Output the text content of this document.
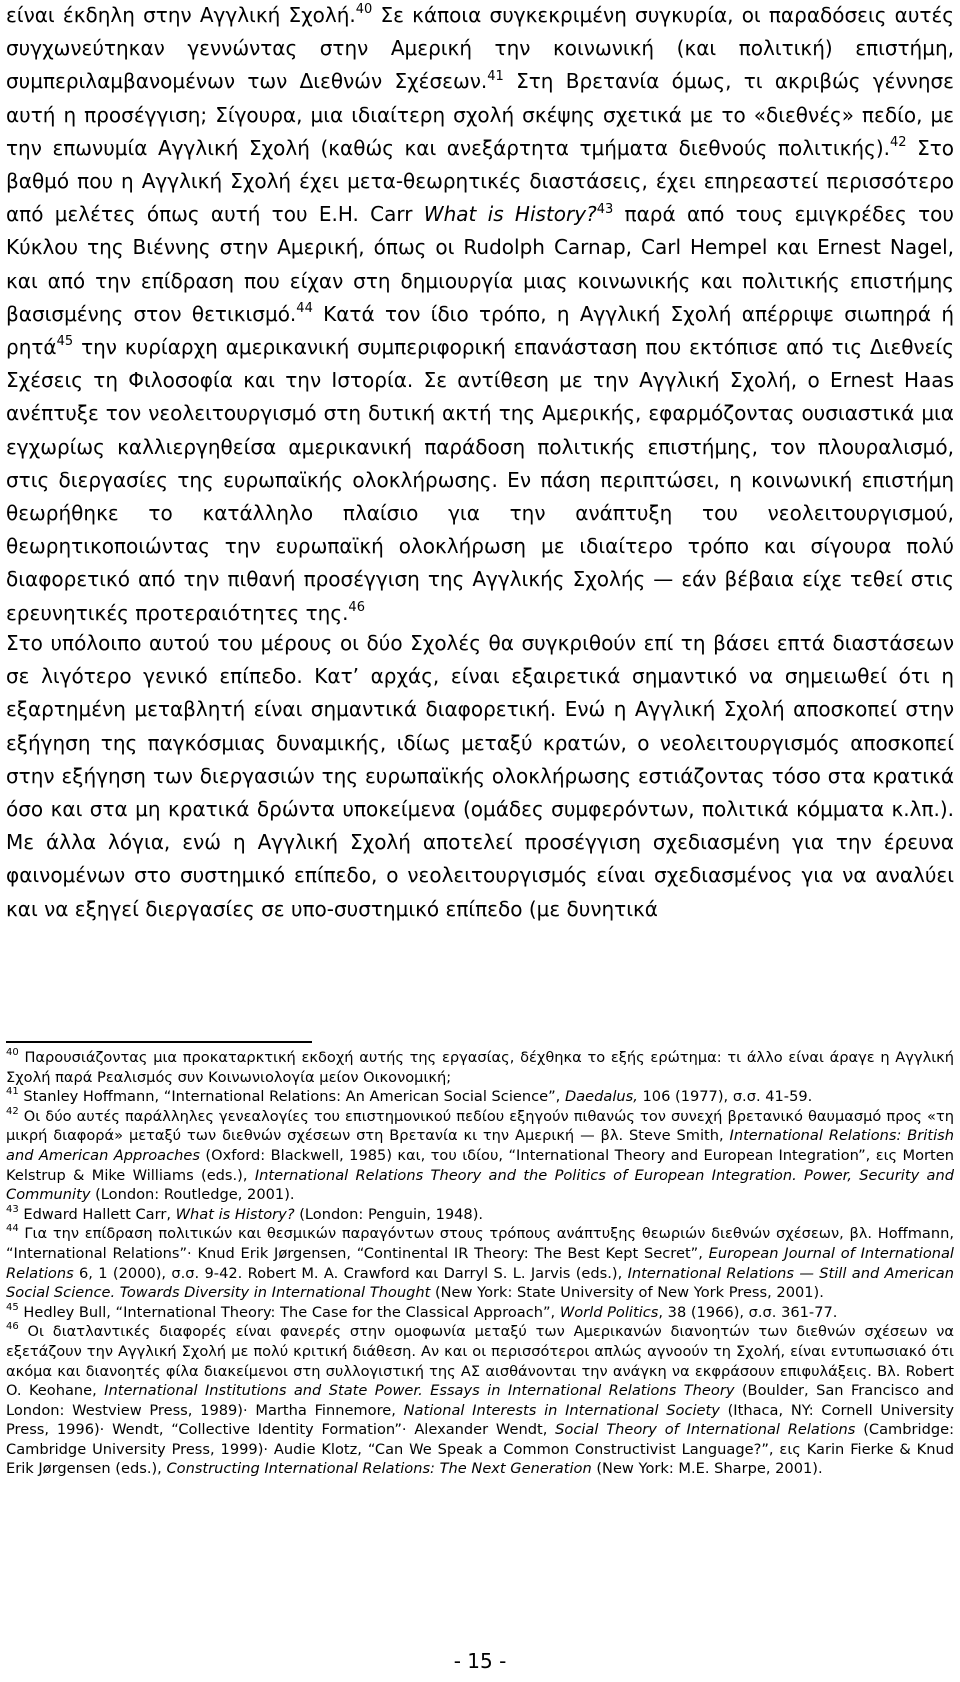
είναι έκδηλη στην Αγγλική Σχολή.$^{40}$ Σε κάποια συγκεκριμένη συγκυρία, οι παραδόσεις αυτές συγχωνεύτηκαν γεννώντας στην Αμερική την κοινωνική (και πολιτική) επιστήμη, συμπεριλαμβανομένων των Διεθνών Σχέσεων.$^{41}$ Στη Βρετανία όμως, τι ακριβώς γέννησε αυτή η προσέγγιση; Σίγουρα, μια ιδιαίτερη σχολή σκέψης σχετικά με το «διεθνές» πεδίο, με την επωνυμία Αγγλική Σχολή (καθώς και ανεξάρτητα τμήματα διεθνούς πολιτικής).$^{42}$ Στο βαθμό που η Αγγλική Σχολή έχει μετα-θεωρητικές διαστάσεις, έχει επηρεαστεί περισσότερο από μελέτες όπως αυτή του E.H. Carr What is History?$^{43}$ παρά από τους εμιγκρέδες του Κύκλου της Βιέννης στην Αμερική, όπως οι Rudolph Carnap, Carl Hempel και Ernest Nagel, και από την επίδραση που είχαν στη δημιουργία μιας κοινωνικής και πολιτικής επιστήμης βασισμένης στον θετικισμό.$^{44}$ Κατά τον ίδιο τρόπο, η Αγγλική Σχολή απέρριψε σιωπηρά ή ρητά$^{45}$ την κυρίαρχη αμερικανική συμπεριφορική επανάσταση που εκτόπισε από τις Διεθνείς Σχέσεις τη Φιλοσοφία και την Ιστορία. Σε αντίθεση με την Αγγλική Σχολή, ο Ernest Haas ανέπτυξε τον νεολειτουργισμό στη δυτική ακτή της Αμερικής, εφαρμόζοντας ουσιαστικά μια εγχωρίως καλλιεργηθείσα αμερικανική παράδοση πολιτικής επιστήμης, τον πλουραλισμό, στις διεργασίες της ευρωπαϊκής ολοκλήρωσης. Εν πάση περιπτώσει, η κοινωνική επιστήμη θεωρήθηκε το κατάλληλο πλαίσιο για την ανάπτυξη του νεολειτουργισμού, θεωρητικοποιώντας την ευρωπαϊκή ολοκλήρωση με ιδιαίτερο τρόπο και σίγουρα πολύ διαφορετικό από την πιθανή προσέγγιση της Αγγλικής Σχολής — εάν βέβαια είχε τεθεί στις ερευνητικές προτεραιότητες της.$^{46}$

Στο υπόλοιπο αυτού του μέρους οι δύο Σχολές θα συγκριθούν επί τη βάσει επτά διαστάσεων σε λιγότερο γενικό επίπεδο. Κατ’ αρχάς, είναι εξαιρετικά σημαντικό να σημειωθεί ότι η εξαρτημένη μεταβλητή είναι σημαντικά διαφορετική. Ενώ η Αγγλική Σχολή αποσκοπεί στην εξήγηση της παγκόσμιας δυναμικής, ιδίως μεταξύ κρατών, ο νεολειτουργισμός αποσκοπεί στην εξήγηση των διεργασιών της ευρωπαϊκής ολοκλήρωσης εστιάζοντας τόσο στα κρατικά όσο και στα μη κρατικά δρώντα υποκείμενα (ομάδες συμφερόντων, πολιτικά κόμματα κ.λπ.). Με άλλα λόγια, ενώ η Αγγλική Σχολή αποτελεί προσέγγιση σχεδιασμένη για την έρευνα φαινομένων στο συστημικό επίπεδο, ο νεολειτουργισμός είναι σχεδιασμένος για να αναλύει και να εξηγεί διεργασίες σε υπο-συστημικό επίπεδο (με δυνητικά

$^{40}$ Παρουσιάζοντας μια προκαταρκτική εκδοχή αυτής της εργασίας, δέχθηκα το εξής ερώτημα: τι άλλο είναι άραγε η Αγγλική Σχολή παρά Ρεαλισμός συν Κοινωνιολογία μείον Οικονομική;

$^{41}$ Stanley Hoffmann, “International Relations: An American Social Science”, Daedalus, 106 (1977), σ.σ. 41-59.

$^{42}$ Οι δύο αυτές παράλληλες γενεαλογίες του επιστημονικού πεδίου εξηγούν πιθανώς τον συνεχή βρετανικό θαυμασμό προς «τη μικρή διαφορά» μεταξύ των διεθνών σχέσεων στη Βρετανία κι την Αμερική — βλ. Steve Smith, International Relations: British and American Approaches (Oxford: Blackwell, 1985) και, του ιδίου, “International Theory and European Integration”, εις Morten Kelstrup & Mike Williams (eds.), International Relations Theory and the Politics of European Integration. Power, Security and Community (London: Routledge, 2001).

$^{43}$ Edward Hallett Carr, What is History? (London: Penguin, 1948).

$^{44}$ Για την επίδραση πολιτικών και θεσμικών παραγόντων στους τρόπους ανάπτυξης θεωριών διεθνών σχέσεων, βλ. Hoffmann, “International Relations”· Knud Erik Jørgensen, “Continental IR Theory: The Best Kept Secret”, European Journal of International Relations 6, 1 (2000), σ.σ. 9-42. Robert M. A. Crawford και Darryl S. L. Jarvis (eds.), International Relations — Still and American Social Science. Towards Diversity in International Thought (New York: State University of New York Press, 2001).

$^{45}$ Hedley Bull, “International Theory: The Case for the Classical Approach”, World Politics, 38 (1966), σ.σ. 361-77.

$^{46}$ Οι διατλαντικές διαφορές είναι φανερές στην ομοφωνία μεταξύ των Αμερικανών διανοητών των διεθνών σχέσεων να εξετάζουν την Αγγλική Σχολή με πολύ κριτική διάθεση. Αν και οι περισσότεροι απλώς αγνοούν τη Σχολή, είναι εντυπωσιακό ότι ακόμα και διανοητές φίλα διακείμενοι στη συλλογιστική της ΑΣ αισθάνονται την ανάγκη να εκφράσουν επιφυλάξεις. Βλ. Robert O. Keohane, International Institutions and State Power. Essays in International Relations Theory (Boulder, San Francisco and London: Westview Press, 1989)· Martha Finnemore, National Interests in International Society (Ithaca, NY: Cornell University Press, 1996)· Wendt, “Collective Identity Formation”· Alexander Wendt, Social Theory of International Relations (Cambridge: Cambridge University Press, 1999)· Audie Klotz, “Can We Speak a Common Constructivist Language?”, εις Karin Fierke & Knud Erik Jørgensen (eds.), Constructing International Relations: The Next Generation (New York: M.E. Sharpe, 2001).

- 15 -
